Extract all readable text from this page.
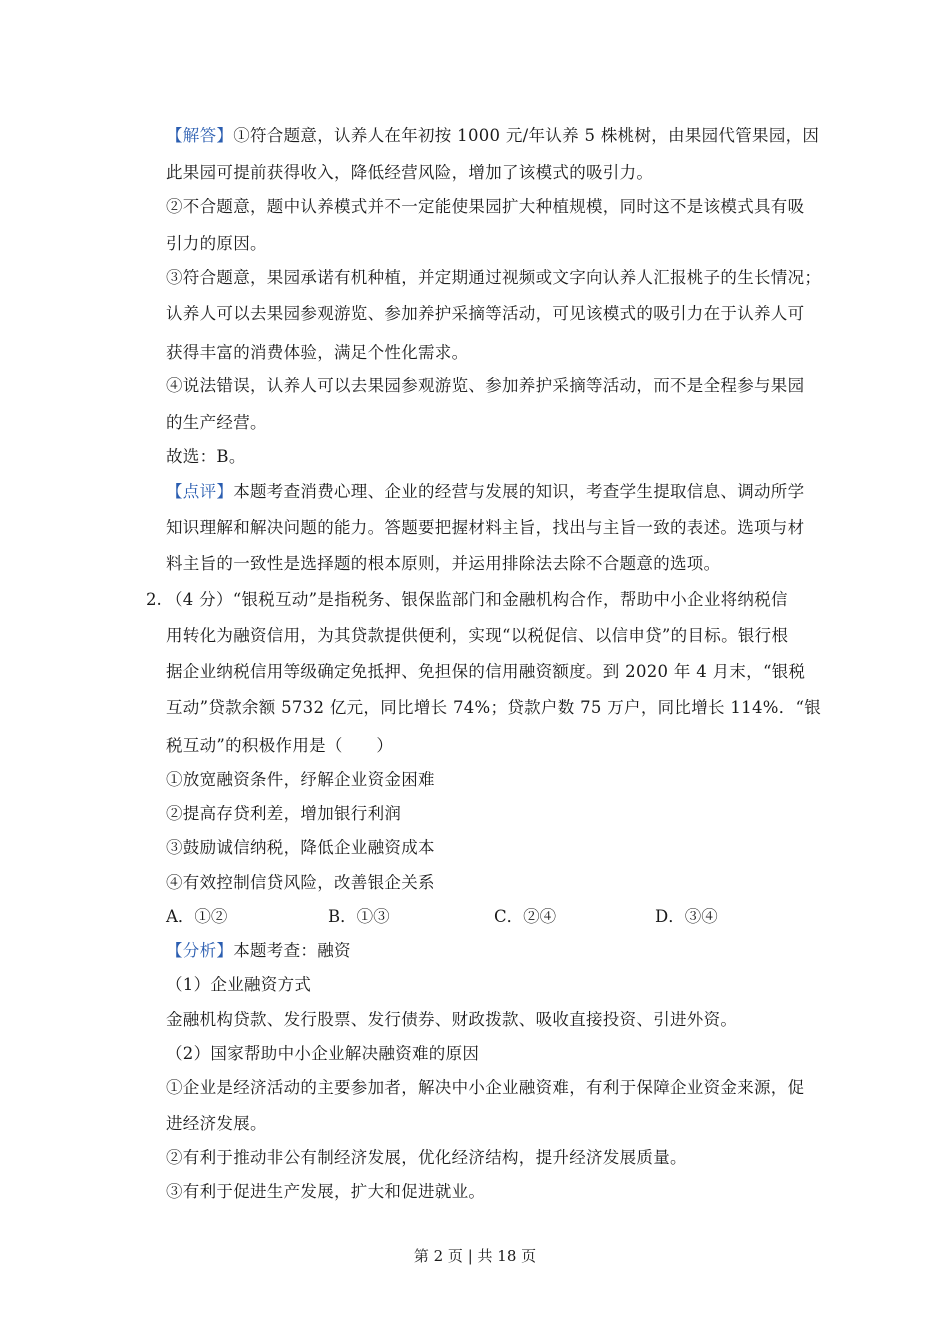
【解答】①符合题意，认养人在年初按 1000 元/年认养 5 株桃树，由果园代管果园，因
此果园可提前获得收入，降低经营风险，增加了该模式的吸引力。
②不合题意，题中认养模式并不一定能使果园扩大种植规模，同时这不是该模式具有吸
引力的原因。
③符合题意，果园承诺有机种植，并定期通过视频或文字向认养人汇报桃子的生长情况；
认养人可以去果园参观游览、参加养护采摘等活动，可见该模式的吸引力在于认养人可
获得丰富的消费体验，满足个性化需求。
④说法错误，认养人可以去果园参观游览、参加养护采摘等活动，而不是全程参与果园
的生产经营。
故选：B。
【点评】本题考查消费心理、企业的经营与发展的知识，考查学生提取信息、调动所学
知识理解和解决问题的能力。答题要把握材料主旨，找出与主旨一致的表述。选项与材
料主旨的一致性是选择题的根本原则，并运用排除法去除不合题意的选项。
2. （4 分）“银税互动”是指税务、银保监部门和金融机构合作，帮助中小企业将纳税信
用转化为融资信用，为其贷款提供便利，实现“以税促信、以信申贷”的目标。银行根
据企业纳税信用等级确定免抵押、免担保的信用融资额度。到 2020 年 4 月末，“银税
互动”贷款余额 5732 亿元，同比增长 74%；贷款户数 75 万户，同比增长 114%．“银
税互动”的积极作用是（　　）
①放宽融资条件，纾解企业资金困难
②提高存贷利差，增加银行利润
③鼓励诚信纳税，降低企业融资成本
④有效控制信贷风险，改善银企关系
A．①②	B．①③	C．②④	D．③④
【分析】本题考查：融资
（1）企业融资方式
金融机构贷款、发行股票、发行债券、财政拨款、吸收直接投资、引进外资。
（2）国家帮助中小企业解决融资难的原因
①企业是经济活动的主要参加者，解决中小企业融资难，有利于保障企业资金来源，促
进经济发展。
②有利于推动非公有制经济发展，优化经济结构，提升经济发展质量。
③有利于促进生产发展，扩大和促进就业。
第 2 页 | 共 18 页
